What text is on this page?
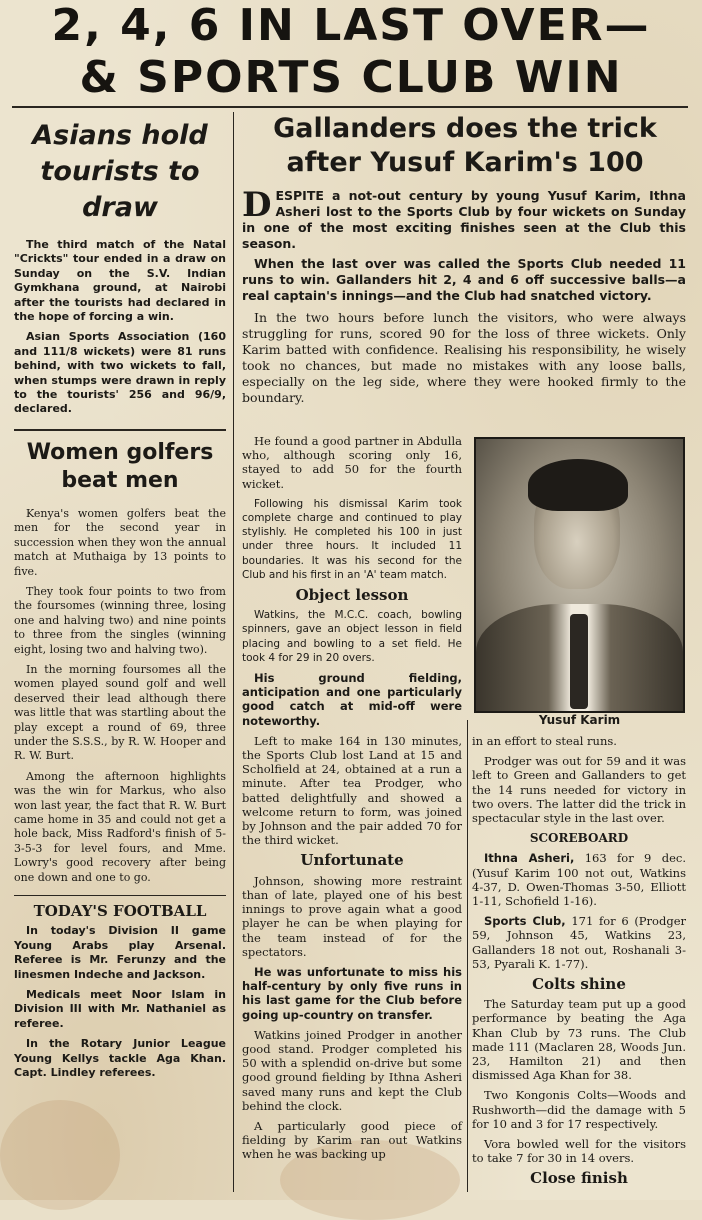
2, 4, 6 IN LAST OVER—
& SPORTS CLUB WIN
Asians hold tourists to draw

The third match of the Natal "Crickts" tour ended in a draw on Sunday on the S.V. Indian Gymkhana ground, at Nairobi after the tourists had declared in the hope of forcing a win.

Asian Sports Association (160 and 111/8 wickets) were 81 runs behind, with two wickets to fall, when stumps were drawn in reply to the tourists' 256 and 96/9, declared.

Women golfers beat men

Kenya's women golfers beat the men for the second year in succession when they won the annual match at Muthaiga by 13 points to five.

They took four points to two from the foursomes (winning three, losing one and halving two) and nine points to three from the singles (winning eight, losing two and halving two).

In the morning foursomes all the women played sound golf and well deserved their lead although there was little that was startling about the play except a round of 69, three under the S.S.S., by R. W. Hooper and R. W. Burt.

Among the afternoon highlights was the win for Markus, who also won last year, the fact that R. W. Burt came home in 35 and could not get a hole back, Miss Radford's finish of 5-3-5-3 for level fours, and Mme. Lowry's good recovery after being one down and one to go.

TODAY'S FOOTBALL

In today's Division II game Young Arabs play Arsenal. Referee is Mr. Ferunzy and the linesmen Indeche and Jackson.

Medicals meet Noor Islam in Division III with Mr. Nathaniel as referee.

In the Rotary Junior League Young Kellys tackle Aga Khan. Capt. Lindley referees.

Gallanders does the trick
after Yusuf Karim's 100

D ESPITE a not-out century by young Yusuf Karim, Ithna Asheri lost to the Sports Club by four wickets on Sunday in one of the most exciting finishes seen at the Club this season.

When the last over was called the Sports Club needed 11 runs to win. Gallanders hit 2, 4 and 6 off successive balls—a real captain's innings—and the Club had snatched victory.

In the two hours before lunch the visitors, who were always struggling for runs, scored 90 for the loss of three wickets. Only Karim batted with confidence. Realising his responsibility, he wisely took no chances, but made no mistakes with any loose balls, especially on the leg side, where they were hooked firmly to the boundary.

He found a good partner in Abdulla who, although scoring only 16, stayed to add 50 for the fourth wicket.

Following his dismissal Karim took complete charge and continued to play stylishly. He completed his 100 in just under three hours. It included 11 boundaries. It was his second for the Club and his first in an 'A' team match.

Object lesson

Watkins, the M.C.C. coach, bowling spinners, gave an object lesson in field placing and bowling to a set field. He took 4 for 29 in 20 overs.

His ground fielding, anticipation and one particularly good catch at mid-off were noteworthy.

Left to make 164 in 130 minutes, the Sports Club lost Land at 15 and Scholfield at 24, obtained at a run a minute. After tea Prodger, who batted delightfully and showed a welcome return to form, was joined by Johnson and the pair added 70 for the third wicket.

Unfortunate

Johnson, showing more restraint than of late, played one of his best innings to prove again what a good player he can be when playing for the team instead of for the spectators.

He was unfortunate to miss his half-century by only five runs in his last game for the Club before going up-country on transfer.

Watkins joined Prodger in another good stand. Prodger completed his 50 with a splendid on-drive but some good ground fielding by Ithna Asheri saved many runs and kept the Club behind the clock.

A particularly good piece of fielding by Karim ran out Watkins when he was backing up

Yusuf Karim

in an effort to steal runs.

Prodger was out for 59 and it was left to Green and Gallanders to get the 14 runs needed for victory in two overs. The latter did the trick in spectacular style in the last over.

SCOREBOARD

Ithna Asheri, 163 for 9 dec. (Yusuf Karim 100 not out, Watkins 4-37, D. Owen-Thomas 3-50, Elliott 1-11, Schofield 1-16).

Sports Club, 171 for 6 (Prodger 59, Johnson 45, Watkins 23, Gallanders 18 not out, Roshanali 3-53, Pyarali K. 1-77).

Colts shine

The Saturday team put up a good performance by beating the Aga Khan Club by 73 runs. The Club made 111 (Maclaren 28, Woods Jun. 23, Hamilton 21) and then dismissed Aga Khan for 38.

Two Kongonis Colts—Woods and Rushworth—did the damage with 5 for 10 and 3 for 17 respectively.

Vora bowled well for the visitors to take 7 for 30 in 14 overs.

Close finish
